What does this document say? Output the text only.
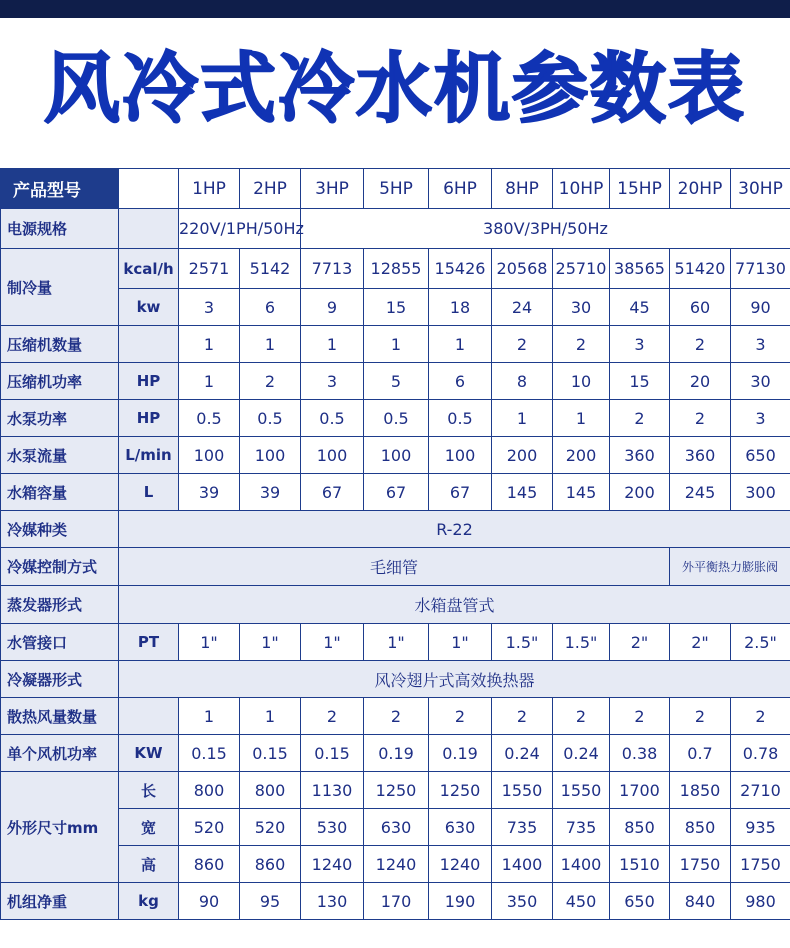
风冷式冷水机参数表
产品型号		1HP	2HP	3HP	5HP	6HP	8HP	10HP	15HP	20HP	30HP
电源规格		220V/1PH/50Hz		380V/3PH/50Hz							
制冷量	kcal/h	2571	5142	7713	12855	15426	20568	25710	38565	51420	77130
	kw	3	6	9	15	18	24	30	45	60	90
压缩机数量		1	1	1	1	1	2	2	3	2	3
压缩机功率	HP	1	2	3	5	6	8	10	15	20	30
水泵功率	HP	0.5	0.5	0.5	0.5	0.5	1	1	2	2	3
水泵流量	L/min	100	100	100	100	100	200	200	360	360	650
水箱容量	L	39	39	67	67	67	145	145	200	245	300
冷媒种类	R-22										
冷媒控制方式	毛细管									外平衡热力膨胀阀	
蒸发器形式	水箱盘管式										
水管接口	PT	1"	1"	1"	1"	1"	1.5"	1.5"	2"	2"	2.5"
冷凝器形式	风冷翅片式高效换热器										
散热风量数量		1	1	2	2	2	2	2	2	2	2
单个风机功率	KW	0.15	0.15	0.15	0.19	0.19	0.24	0.24	0.38	0.7	0.78
外形尺寸mm	长	800	800	1130	1250	1250	1550	1550	1700	1850	2710
	宽	520	520	530	630	630	735	735	850	850	935
	高	860	860	1240	1240	1240	1400	1400	1510	1750	1750
机组净重	kg	90	95	130	170	190	350	450	650	840	980
